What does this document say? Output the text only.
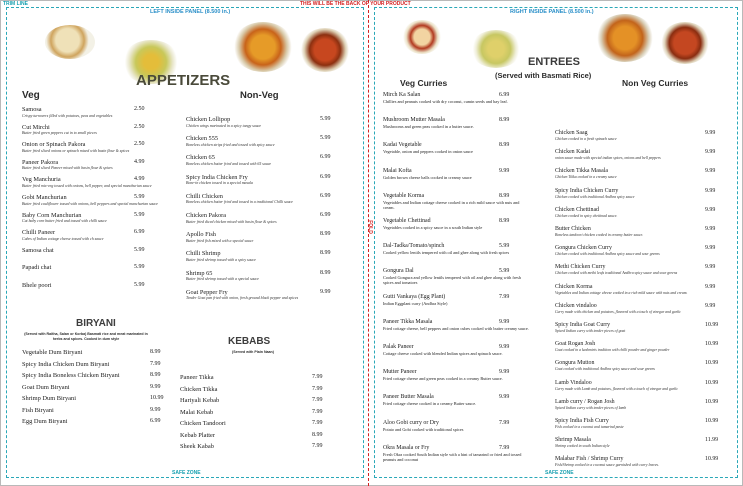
TRIM LINE	THIS WILL BE THE BACK OF YOUR PRODUCT
LEFT INSIDE PANEL (8.500 in.)	RIGHT INSIDE PANEL (8.500 in.)
SAFE ZONE	SAFE ZONE
FOLD
APPETIZERS
Veg	Non-Veg
Samosa	2.50
Crispy turnovers filled with potatoes, peas and vegetables
Cut Mirchi	2.50
Butter fried green peppers cut in to small pieces
Onion or Spinach Pakora	2.50
Butter fried sliced onions or spinach mixed with basin flour & spices
Paneer Pakora	4.99
Butter fried sliced Paneer mixed with basin flour & spices
Veg Manchuria	4.99
Butter fried mix-veg tossed with onions, bell pepper, and special manchurian sauce
Gobi Manchurian	5.99
Butter fried cauliflower tossed with onions, bell peppers and special manchurian sauce
Baby Corn Manchurian	5.99
Cut baby corn butter fried and tossed with chilli sauce
Chilli Paneer	6.99
Cubes of Indian cottage cheese tossed with ch sauce
Samosa chat	5.99
Papadi chat	5.99
Bhele poori	5.99
Chicken Lollipop	5.99
Chicken wings marinated in a spicy tangy sauce
Chicken 555	5.99
Boneless chicken strips fried and tossed with spicy sauce
Chicken 65	6.99
Boneless chicken butter fried and tossed with 65 sauce
Spicy India Chicken Fry	6.99
Bone-in chicken tossed in a special masala
Chilli Chicken	6.99
Boneless chicken butter fried and tossed in a traditional Chilli sauce
Chicken Pakora	6.99
Butter fried diced chicken mixed with basin flour & spices
Apollo Fish	8.99
Butter fried fish mixed with a special sauce
Chilli Shrimp	8.99
Butter fried shrimp tossed with a spicy sauce
Shrimp 65	8.99
Butter fried shrimp tossed with a special sauce
Goat Pepper Fry	9.99
Tender Goat pan fried with onion, fresh ground black pepper and spices
BIRYANI
(Served with Raitha, Salan or Korba) Basmati rice and meat marinated in herbs and spices. Cooked in dum style
Vegetable Dum Biryani	8.99
Spicy India Chicken Dum Biryani	7.99
Spicy India Boneless Chicken Biryani	8.99
Goat Dum Biryani	9.99
Shrimp Dum Biryani	10.99
Fish Biryani	9.99
Egg Dum Biryani	6.99
KEBABS
(Served with Plain Naan)
Paneer Tikka	7.99
Chicken Tikka	7.99
Hariyali Kebab	7.99
Malai Kebab	7.99
Chicken Tandoori	7.99
Kebab Platter	8.99
Sheek Kabab	7.99
ENTREES
(Served with Basmati Rice)
Veg Curries	Non Veg Curries
Mirch Ka Salan	6.99
Chillies and peanuts cooked with dry coconut, cumin seeds and bay leaf.
Mushroom Mutter Masala	8.99
Mushrooms and green peas cooked in a butter sauce.
Kadai Vegetable	8.99
Vegetable, onion and peppers cooked in onion sauce
Malai Kofta	9.99
Golden brown cheese balls cooked in creamy sauce
Vegetable Korma	8.99
Vegetables and Indian cottage cheese cooked in a rich mild sauce with nuts and cream.
Vegetable Chettinad	8.99
Vegetables cooked in a spicy sauce in a south Indian style
Dal-Tadka/Tomato/spinch	5.99
Cooked yellow lentils tempered with oil and ghee along with fresh spices
Gongura Dal	5.99
Cooked Gongura and yellow lentils tempered with oil and ghee along with fresh spices and tomatoes
Gutti Vankaya (Egg Plant)	7.99
Indian Eggplant curry (Andhra Style)
Paneer Tikka Masala	9.99
Fried cottage cheese, bell peppers and onion cubes cooked with butter creamy sauce.
Palak Paneer	9.99
Cottage cheese cooked with blended Indian spices and spinach sauce.
Mutter Paneer	9.99
Fried cottage cheese and green peas cooked in a creamy Butter sauce.
Paneer Butter Masala	9.99
Fried cottage cheese cooked in a creamy Butter sauce.
Aloo Gobi curry or Dry	7.99
Potato and Gobi cooked with traditional spices
Okra Masala or Fry	7.99
Fresh Okra cooked South Indian style with a hint of tamarind or fried and tossed peanuts and coconut
Chicken Saag	9.99
Chicken cooked in a fresh spinach sauce
Chicken Kadai	9.99
onion sauce made with special indian spices, onions and bell peppers
Chicken Tikka Masala	9.99
Chicken Tikka cooked in a creamy sauce
Spicy India Chicken Curry	9.99
Chicken cooked with traditional Andhra spicy sauce
Chicken Chettinad	9.99
Chicken cooked in spicy chettinad sauce.
Butter Chicken	9.99
Boneless tandoori chicken cooked in creamy butter sauce.
Gongura Chicken Curry	9.99
Chicken cooked with traditional Andhra spicy sauce and sour greens
Methi Chicken Curry	9.99
Chicken cooked with methi leafs traditional Andhra spicy sauce and sour greens
Chicken Korma	9.99
Vegetables and Indian cottage cheese cooked in a rich mild sauce with nuts and cream.
Chicken vindaloo	9.99
Curry made with chicken and potatoes, flavored with a touch of vinegar and garlic
Spicy India Goat Curry	10.99
Spiced Indian curry with tender pieces of goat
Goat Rogan Josh	10.99
Goat cooked in a kashmiris tradition with chilli powder and ginger powder
Gongura Mutton	10.99
Goat cooked with traditional Andhra spicy sauce and sour greens
Lamb Vindaloo	10.99
Curry made with Lamb and potatoes, flavored with a touch of vinegar and garlic
Lamb curry / Rogan Josh	10.99
Spiced Indian curry with tender pieces of lamb
Spicy India Fish Curry	10.99
Fish cooked in a coconut and tamarind paste
Shrimp Masala	11.99
Shrimp cooked in south Indian style
Malabar Fish / Shrimp Curry	10.99
Fish/Shrimp cooked in a coconut sauce garnished with curry leaves.
